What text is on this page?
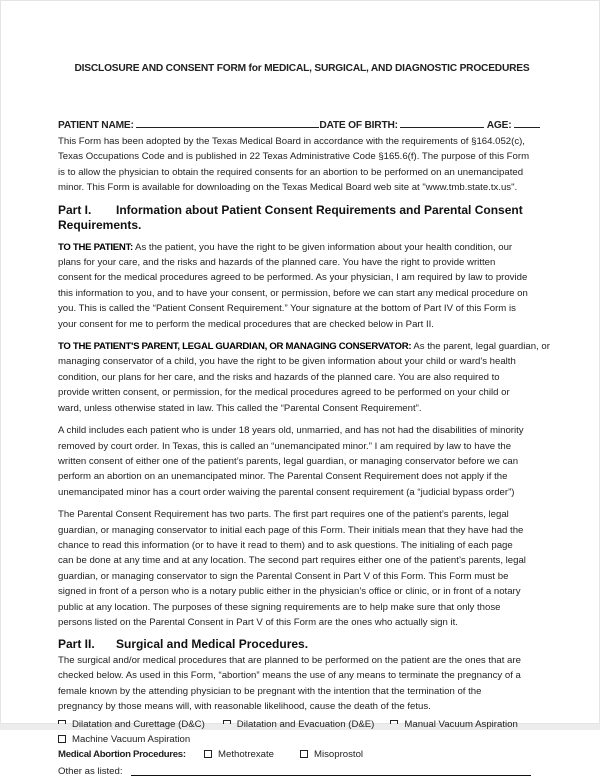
DISCLOSURE AND CONSENT FORM for MEDICAL, SURGICAL, AND DIAGNOSTIC PROCEDURES
PATIENT NAME:	DATE OF BIRTH:	AGE:
This Form has been adopted by the Texas Medical Board in accordance with the requirements of §164.052(c),
Texas Occupations Code and is published in 22 Texas Administrative Code §165.6(f). The purpose of this Form
is to allow the physician to obtain the required consents for an abortion to be performed on an unemancipated
minor. This Form is available for downloading on the Texas Medical Board web site at "www.tmb.state.tx.us".
Part I. Information about Patient Consent Requirements and Parental Consent
Requirements.
TO THE PATIENT: As the patient, you have the right to be given information about your health condition, our
plans for your care, and the risks and hazards of the planned care. You have the right to provide written
consent for the medical procedures agreed to be performed. As your physician, I am required by law to provide
this information to you, and to have your consent, or permission, before we can start any medical procedure on
you. This is called the “Patient Consent Requirement.” Your signature at the bottom of Part IV of this Form is
your consent for me to perform the medical procedures that are checked below in Part II.
TO THE PATIENT'S PARENT, LEGAL GUARDIAN, OR MANAGING CONSERVATOR: As the parent, legal guardian, or
managing conservator of a child, you have the right to be given information about your child or ward's health
condition, our plans for her care, and the risks and hazards of the planned care. You are also required to
provide written consent, or permission, for the medical procedures agreed to be performed on your child or
ward, unless otherwise stated in law. This called the “Parental Consent Requirement”.
A child includes each patient who is under 18 years old, unmarried, and has not had the disabilities of minority
removed by court order. In Texas, this is called an “unemancipated minor.” I am required by law to have the
written consent of either one of the patient’s parents, legal guardian, or managing conservator before we can
perform an abortion on an unemancipated minor. The Parental Consent Requirement does not apply if the
unemancipated minor has a court order waiving the parental consent requirement (a “judicial bypass order”)
The Parental Consent Requirement has two parts. The first part requires one of the patient’s parents, legal
guardian, or managing conservator to initial each page of this Form. Their initials mean that they have had the
chance to read this information (or to have it read to them) and to ask questions. The initialing of each page
can be done at any time and at any location. The second part requires either one of the patient’s parents, legal
guardian, or managing conservator to sign the Parental Consent in Part V of this Form. This Form must be
signed in front of a person who is a notary public either in the physician’s office or clinic, or in front of a notary
public at any location. The purposes of these signing requirements are to help make sure that only those
persons listed on the Parental Consent in Part V of this Form are the ones who actually sign it.
Part II. Surgical and Medical Procedures.
The surgical and/or medical procedures that are planned to be performed on the patient are the ones that are
checked below. As used in this Form, “abortion” means the use of any means to terminate the pregnancy of a
female known by the attending physician to be pregnant with the intention that the termination of the
pregnancy by those means will, with reasonable likelihood, cause the death of the fetus.
Dilatation and Curettage (D&C)	Dilatation and Evacuation (D&E)	Manual Vacuum Aspiration
Machine Vacuum Aspiration
Medical Abortion Procedures:	Methotrexate	Misoprostol
Other as listed:
